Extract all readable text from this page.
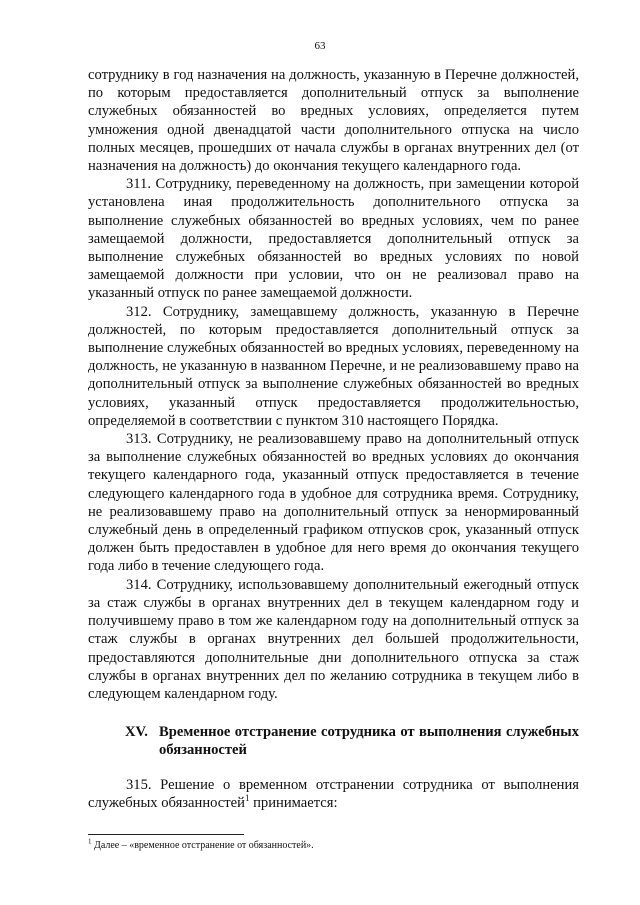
63

сотруднику в год назначения на должность, указанную в Перечне должностей, по которым предоставляется дополнительный отпуск за выполнение служебных обязанностей во вредных условиях, определяется путем умножения одной двенадцатой части дополнительного отпуска на число полных месяцев, прошедших от начала службы в органах внутренних дел (от назначения на должность) до окончания текущего календарного года.

311. Сотруднику, переведенному на должность, при замещении которой установлена иная продолжительность дополнительного отпуска за выполнение служебных обязанностей во вредных условиях, чем по ранее замещаемой должности, предоставляется дополнительный отпуск за выполнение служебных обязанностей во вредных условиях по новой замещаемой должности при условии, что он не реализовал право на указанный отпуск по ранее замещаемой должности.

312. Сотруднику, замещавшему должность, указанную в Перечне должностей, по которым предоставляется дополнительный отпуск за выполнение служебных обязанностей во вредных условиях, переведенному на должность, не указанную в названном Перечне, и не реализовавшему право на дополнительный отпуск за выполнение служебных обязанностей во вредных условиях, указанный отпуск предоставляется продолжительностью, определяемой в соответствии с пунктом 310 настоящего Порядка.

313. Сотруднику, не реализовавшему право на дополнительный отпуск за выполнение служебных обязанностей во вредных условиях до окончания текущего календарного года, указанный отпуск предоставляется в течение следующего календарного года в удобное для сотрудника время. Сотруднику, не реализовавшему право на дополнительный отпуск за ненормированный служебный день в определенный графиком отпусков срок, указанный отпуск должен быть предоставлен в удобное для него время до окончания текущего года либо в течение следующего года.

314. Сотруднику, использовавшему дополнительный ежегодный отпуск за стаж службы в органах внутренних дел в текущем календарном году и получившему право в том же календарном году на дополнительный отпуск за стаж службы в органах внутренних дел большей продолжительности, предоставляются дополнительные дни дополнительного отпуска за стаж службы в органах внутренних дел по желанию сотрудника в текущем либо в следующем календарном году.

XV. Временное отстранение сотрудника от выполнения служебных обязанностей

315. Решение о временном отстранении сотрудника от выполнения служебных обязанностей$^1$ принимается:

$^1$ Далее – «временное отстранение от обязанностей».
